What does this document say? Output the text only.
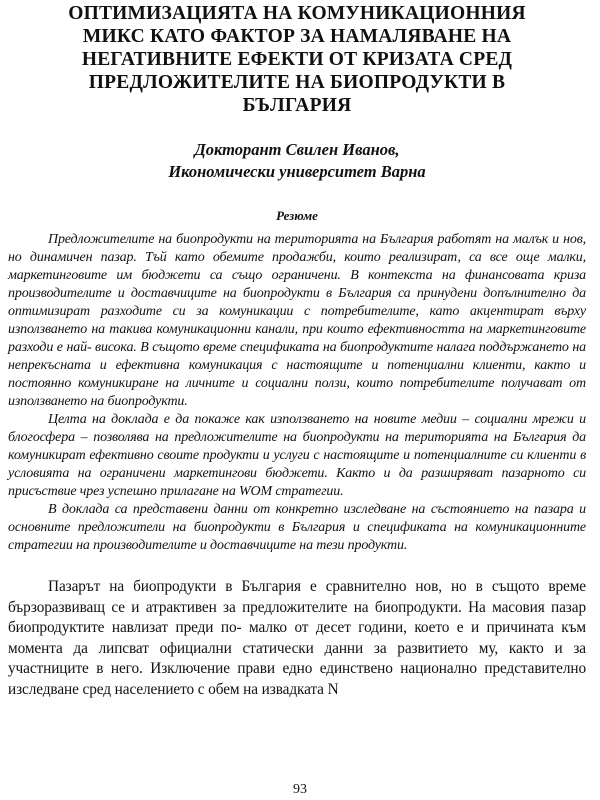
ОПТИМИЗАЦИЯТА НА КОМУНИКАЦИОННИЯ
МИКС КАТО ФАКТОР ЗА НАМАЛЯВАНЕ НА
НЕГАТИВНИТЕ ЕФЕКТИ ОТ КРИЗАТА СРЕД
ПРЕДЛОЖИТЕЛИТЕ НА БИОПРОДУКТИ В
БЪЛГАРИЯ
Докторант Свилен Иванов,
Икономически университет Варна
Резюме

Предложителите на биопродукти на територията на България работят на малък и нов, но динамичен пазар. Тъй като обемите продажби, които реализират, са все още малки, маркетинговите им бюджети са също ограничени. В контекста на финансовата криза производителите и доставчиците на биопродукти в България са принудени допълнително да оптимизират разходите си за комуникации с потребителите, като акцентират върху използването на такива комуникационни канали, при които ефективността на маркетинговите разходи е най- висока. В същото време спецификата на биопродуктите налага поддържането на непрекъсната и ефективна комуникация с настоящите и потенциални клиенти, както и постоянно комуникиране на личните и социални ползи, които потребителите получават от използването на биопродукти.

Целта на доклада е да покаже как използването на новите медии – социални мрежи и блогосфера – позволява на предложителите на биопродукти на територията на България да комуникират ефективно своите продукти и услуги с настоящите и потенциалните си клиенти в условията на ограничени маркетингови бюджети. Както и да разширяват пазарното си присъствие чрез успешно прилагане на WOM стратегии.

В доклада са представени данни от конкретно изследване на състоянието на пазара и основните предложители на биопродукти в България и спецификата на комуникационните стратегии на производителите и доставчиците на тези продукти.

Пазарът на биопродукти в България е сравнително нов, но в същото време бързоразвиващ се и атрактивен за предложителите на биопродукти. На масовия пазар биопродуктите навлизат преди по- малко от десет години, което е и причината към момента да липсват официални статически данни за развитието му, както и за участниците в него. Изключение прави едно единствено национално представително изследване сред населението с обем на извадката N

93
